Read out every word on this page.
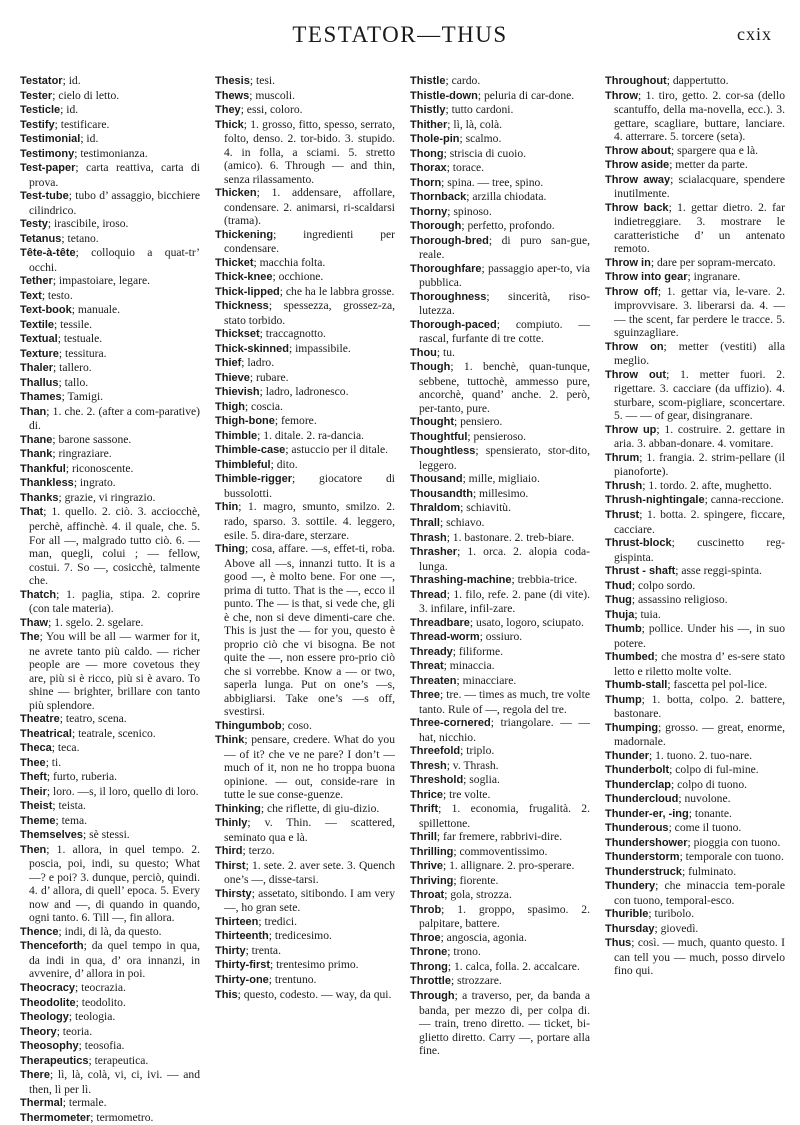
TESTATOR—THUS	cxix
Testator; id.
Tester; cielo di letto.
Testicle; id.
Testify; testificare.
Testimonial; id.
Testimony; testimonianza.
Test-paper; carta reattiva, carta di prova.
Test-tube; tubo d’ assaggio, bicchiere cilindrico.
Testy; irascibile, iroso.
Tetanus; tetano.
Tête-à-tête; colloquio a quat-tr’ occhi.
Tether; impastoiare, legare.
Text; testo.
Text-book; manuale.
Textile; tessile.
Textual; testuale.
Texture; tessitura.
Thaler; tallero.
Thallus; tallo.
Thames; Tamigi.
Than; 1. che. 2. (after a com-parative) di.
Thane; barone sassone.
Thank; ringraziare.
Thankful; riconoscente.
Thankless; ingrato.
Thanks; grazie, vi ringrazio.
That; 1. quello. 2. ciò. 3. acciocchè, perchè, affinchè. 4. il quale, che. 5. For all —, malgrado tutto ciò. 6. — man, quegli, colui ; — fellow, costui. 7. So —, cosicchè, talmente che.
Thatch; 1. paglia, stipa. 2. coprire (con tale materia).
Thaw; 1. sgelo. 2. sgelare.
The; You will be all — warmer for it, ne avrete tanto più caldo. — richer people are — more covetous they are, più si è ricco, più si è avaro. To shine — brighter, brillare con tanto più splendore.
Theatre; teatro, scena.
Theatrical; teatrale, scenico.
Theca; teca.
Thee; ti.
Theft; furto, ruberia.
Their; loro. —s, il loro, quello di loro.
Theist; teista.
Theme; tema.
Themselves; sè stessi.
Then; 1. allora, in quel tempo. 2. poscia, poi, indi, su questo; What —? e poi? 3. dunque, perciò, quindi. 4. d’ allora, di quell’ epoca. 5. Every now and —, di quando in quando, ogni tanto. 6. Till —, fin allora.
Thence; indi, di là, da questo.
Thenceforth; da quel tempo in qua, da indi in qua, d’ ora innanzi, in avvenire, d’ allora in poi.
Theocracy; teocrazia.
Theodolite; teodolito.
Theology; teologia.
Theory; teoria.
Theosophy; teosofia.
Therapeutics; terapeutica.
There; lì, là, colà, vi, ci, ivi. — and then, lì per lì.
Thermal; termale.
Thermometer; termometro.
Thesis; tesi.
Thews; muscoli.
They; essi, coloro.
Thick; 1. grosso, fitto, spesso, serrato, folto, denso. 2. tor-bido. 3. stupido. 4. in folla, a sciami. 5. stretto (amico). 6. Through — and thin, senza rilassamento.
Thicken; 1. addensare, affollare, condensare. 2. animarsi, ri-scaldarsi (trama).
Thickening; ingredienti per condensare.
Thicket; macchia folta.
Thick-knee; occhione.
Thick-lipped; che ha le labbra grosse.
Thickness; spessezza, grossez-za, stato torbido.
Thickset; traccagnotto.
Thick-skinned; impassibile.
Thief; ladro.
Thieve; rubare.
Thievish; ladro, ladronesco.
Thigh; coscia.
Thigh-bone; femore.
Thimble; 1. ditale. 2. ra-dancia.
Thimble-case; astuccio per il ditale.
Thimbleful; dito.
Thimble-rigger; giocatore di bussolotti.
Thin; 1. magro, smunto, smilzo. 2. rado, sparso. 3. sottile. 4. leggero, esile. 5. dira-dare, sterzare.
Thing; cosa, affare. —s, effet-ti, roba. Above all —s, innanzi tutto. It is a good —, è molto bene. For one —, prima di tutto. That is the —, ecco il punto. The — is that, si vede che, gli è che, non si deve dimenti-care che. This is just the — for you, questo è proprio ciò che vi bisogna. Be not quite the —, non essere pro-prio ciò che si vorrebbe. Know a — or two, saperla lunga. Put on one’s —s, abbigliarsi. Take one’s —s off, svestirsi.
Thingumbob; coso.
Think; pensare, credere. What do you — of it? che ve ne pare? I don’t — much of it, non ne ho troppa buona opinione. — out, conside-rare in tutte le sue conse-guenze.
Thinking; che riflette, di giu-dizio.
Thinly; v. Thin. — scattered, seminato qua e là.
Third; terzo.
Thirst; 1. sete. 2. aver sete. 3. Quench one’s —, disse-tarsi.
Thirsty; assetato, sitibondo. I am very —, ho gran sete.
Thirteen; tredici.
Thirteenth; tredicesimo.
Thirty; trenta.
Thirty-first; trentesimo primo.
Thirty-one; trentuno.
This; questo, codesto. — way, da qui.
Thistle; cardo.
Thistle-down; peluria di car-done.
Thistly; tutto cardoni.
Thither; lì, là, colà.
Thole-pin; scalmo.
Thong; striscia di cuoio.
Thorax; torace.
Thorn; spina. — tree, spino.
Thornback; arzilla chiodata.
Thorny; spinoso.
Thorough; perfetto, profondo.
Thorough-bred; di puro san-gue, reale.
Thoroughfare; passaggio aper-to, via pubblica.
Thoroughness; sincerità, riso-lutezza.
Thorough-paced; compiuto. — rascal, furfante di tre cotte.
Thou; tu.
Though; 1. benchè, quan-tunque, sebbene, tuttochè, ammesso pure, ancorchè, quand’ anche. 2. però, per-tanto, pure.
Thought; pensiero.
Thoughtful; pensieroso.
Thoughtless; spensierato, stor-dito, leggero.
Thousand; mille, migliaio.
Thousandth; millesimo.
Thraldom; schiavitù.
Thrall; schiavo.
Thrash; 1. bastonare. 2. treb-biare.
Thrasher; 1. orca. 2. alopia coda-lunga.
Thrashing-machine; trebbia-trice.
Thread; 1. filo, refe. 2. pane (di vite). 3. infilare, infil-zare.
Threadbare; usato, logoro, sciupato.
Thread-worm; ossiuro.
Thready; filiforme.
Threat; minaccia.
Threaten; minacciare.
Three; tre. — times as much, tre volte tanto. Rule of —, regola del tre.
Three-cornered; triangolare. — — hat, nicchio.
Threefold; triplo.
Thresh; v. Thrash.
Threshold; soglia.
Thrice; tre volte.
Thrift; 1. economia, frugalità. 2. spillettone.
Thrill; far fremere, rabbrivi-dire.
Thrilling; commoventissimo.
Thrive; 1. allignare. 2. pro-sperare.
Thriving; fiorente.
Throat; gola, strozza.
Throb; 1. groppo, spasimo. 2. palpitare, battere.
Throe; angoscia, agonia.
Throne; trono.
Throng; 1. calca, folla. 2. accalcare.
Throttle; strozzare.
Through; a traverso, per, da banda a banda, per mezzo di, per colpa di. — train, treno diretto. — ticket, bi-glietto diretto. Carry —, portare alla fine.
Throughout; dappertutto.
Throw; 1. tiro, getto. 2. cor-sa (dello scantuffo, della ma-novella, ecc.). 3. gettare, scagliare, buttare, lanciare. 4. atterrare. 5. torcere (seta).
Throw about; spargere qua e là.
Throw aside; metter da parte.
Throw away; scialacquare, spendere inutilmente.
Throw back; 1. gettar dietro. 2. far indietreggiare. 3. mostrare le caratteristiche d’ un antenato remoto.
Throw in; dare per sopram-mercato.
Throw into gear; ingranare.
Throw off; 1. gettar via, le-vare. 2. improvvisare. 3. liberarsi da. 4. — — the scent, far perdere le tracce. 5. sguinzagliare.
Throw on; metter (vestiti) alla meglio.
Throw out; 1. metter fuori. 2. rigettare. 3. cacciare (da uffizio). 4. sturbare, scom-pigliare, sconcertare. 5. — — of gear, disingranare.
Throw up; 1. costruire. 2. gettare in aria. 3. abban-donare. 4. vomitare.
Thrum; 1. frangia. 2. strim-pellare (il pianoforte).
Thrush; 1. tordo. 2. afte, mughetto.
Thrush-nightingale; canna-reccione.
Thrust; 1. botta. 2. spingere, ficcare, cacciare.
Thrust-block; cuscinetto reg-gispinta.
Thrust - shaft; asse reggi-spinta.
Thud; colpo sordo.
Thug; assassino religioso.
Thuja; tuia.
Thumb; pollice. Under his —, in suo potere.
Thumbed; che mostra d’ es-sere stato letto e riletto molte volte.
Thumb-stall; fascetta pel pol-lice.
Thump; 1. botta, colpo. 2. battere, bastonare.
Thumping; grosso. — great, enorme, madornale.
Thunder; 1. tuono. 2. tuo-nare.
Thunderbolt; colpo di ful-mine.
Thunderclap; colpo di tuono.
Thundercloud; nuvolone.
Thunder-er, -ing; tonante.
Thunderous; come il tuono.
Thundershower; pioggia con tuono.
Thunderstorm; temporale con tuono.
Thunderstruck; fulminato.
Thundery; che minaccia tem-porale con tuono, temporal-esco.
Thurible; turibolo.
Thursday; giovedì.
Thus; così. — much, quanto questo. I can tell you — much, posso dirvelo fino qui.
